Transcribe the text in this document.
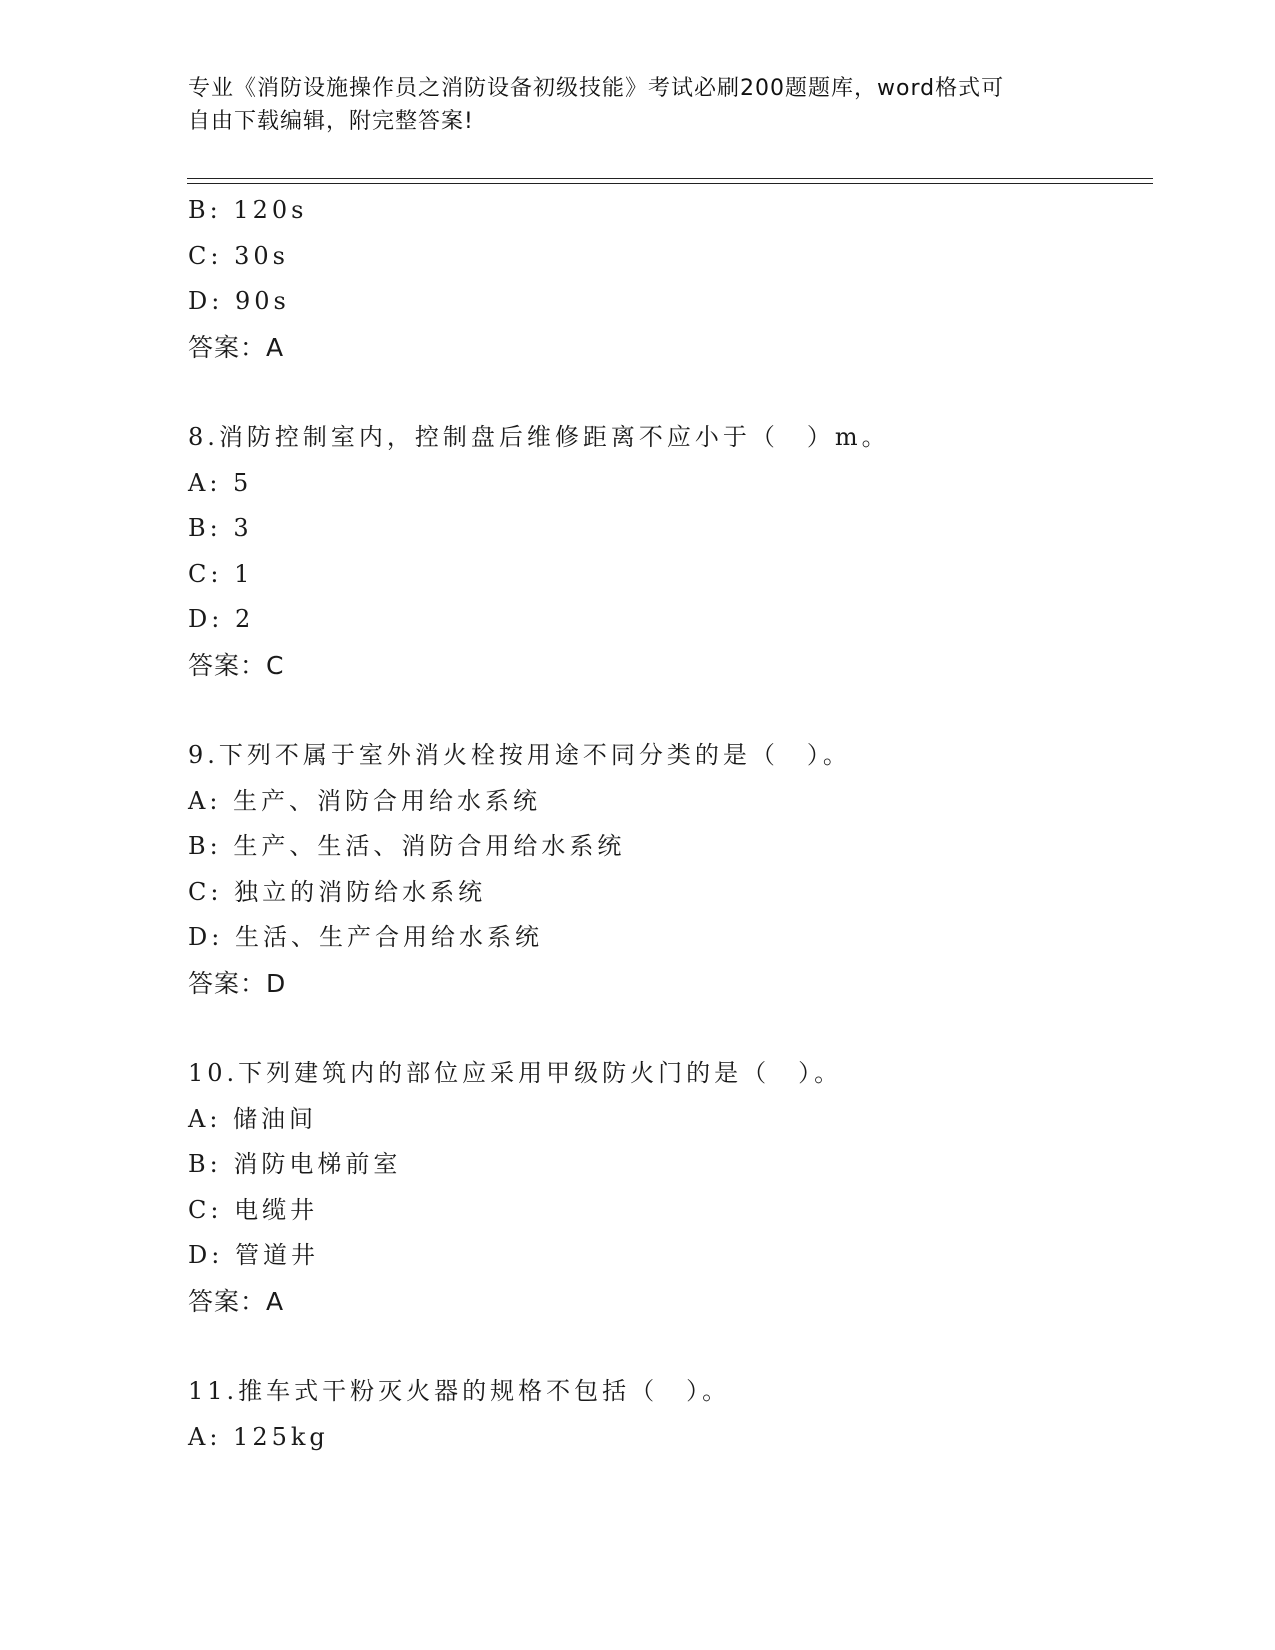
专业《消防设施操作员之消防设备初级技能》考试必刷200题题库，word格式可
自由下载编辑，附完整答案!
B: 120s
C: 30s
D: 90s
答案：A
8.消防控制室内，控制盘后维修距离不应小于（　）m。
A: 5
B: 3
C: 1
D: 2
答案：C
9.下列不属于室外消火栓按用途不同分类的是（　）。
A: 生产、消防合用给水系统
B: 生产、生活、消防合用给水系统
C: 独立的消防给水系统
D: 生活、生产合用给水系统
答案：D
10.下列建筑内的部位应采用甲级防火门的是（　）。
A: 储油间
B: 消防电梯前室
C: 电缆井
D: 管道井
答案：A
11.推车式干粉灭火器的规格不包括（　）。
A: 125kg
